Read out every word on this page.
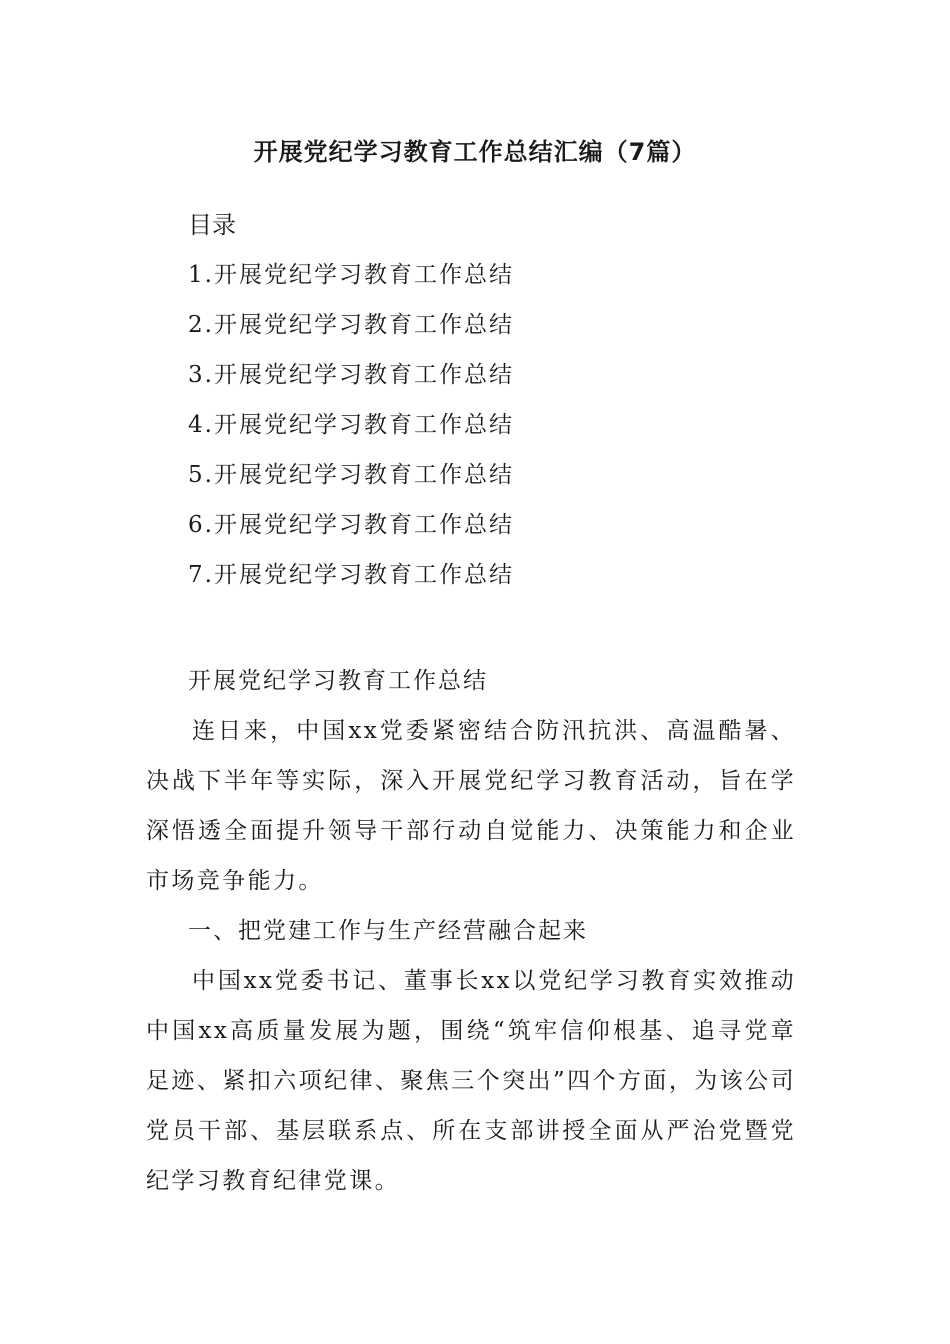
开展党纪学习教育工作总结汇编（7篇）
目录
1.开展党纪学习教育工作总结
2.开展党纪学习教育工作总结
3.开展党纪学习教育工作总结
4.开展党纪学习教育工作总结
5.开展党纪学习教育工作总结
6.开展党纪学习教育工作总结
7.开展党纪学习教育工作总结
开展党纪学习教育工作总结

连日来，中国xx党委紧密结合防汛抗洪、高温酷暑、决战下半年等实际，深入开展党纪学习教育活动，旨在学深悟透全面提升领导干部行动自觉能力、决策能力和企业市场竞争能力。

一、把党建工作与生产经营融合起来

中国xx党委书记、董事长xx以党纪学习教育实效推动中国xx高质量发展为题，围绕“筑牢信仰根基、追寻党章足迹、紧扣六项纪律、聚焦三个突出”四个方面，为该公司党员干部、基层联系点、所在支部讲授全面从严治党暨党纪学习教育纪律党课。
